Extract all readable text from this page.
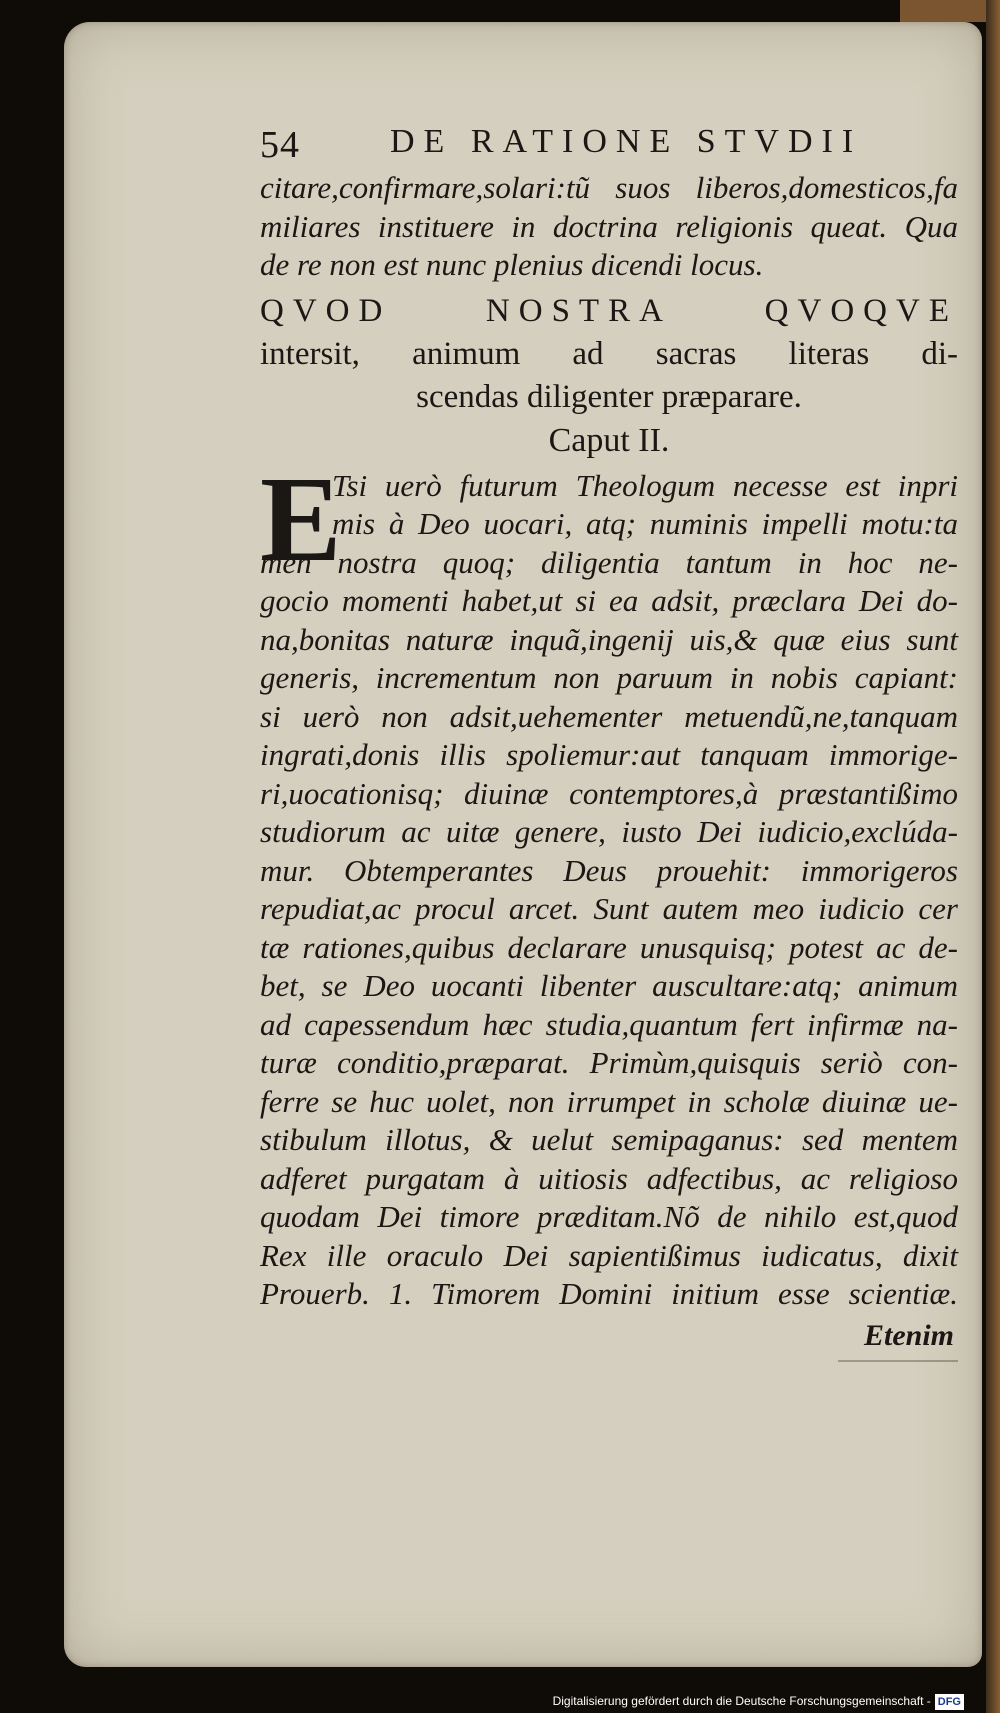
54	DE RATIONE STVDII
citare,confirmare,solari:tũ suos liberos,domesticos,fa
miliares instituere in doctrina religionis queat. Qua
de re non est nunc plenius dicendi locus.
QVOD NOSTRA QVOQVE
intersit, animum ad sacras literas di-
scendas diligenter præparare.
Caput II.
E
Tsi uerò futurum Theologum necesse est inpri
mis à Deo uocari, atq; numinis impelli motu:ta
men nostra quoq; diligentia tantum in hoc ne-
gocio momenti habet,ut si ea adsit, præclara Dei do-
na,bonitas naturæ inquã,ingenij uis,& quæ eius sunt
generis, incrementum non paruum in nobis capiant:
si uerò non adsit,uehementer metuendũ,ne,tanquam
ingrati,donis illis spoliemur:aut tanquam immorige-
ri,uocationisq; diuinæ contemptores,à præstantißimo
studiorum ac uitæ genere, iusto Dei iudicio,exclúda-
mur. Obtemperantes Deus prouehit: immorigeros
repudiat,ac procul arcet. Sunt autem meo iudicio cer
tæ rationes,quibus declarare unusquisq; potest ac de-
bet, se Deo uocanti libenter auscultare:atq; animum
ad capessendum hæc studia,quantum fert infirmæ na-
turæ conditio,præparat. Primùm,quisquis seriò con-
ferre se huc uolet, non irrumpet in scholæ diuinæ ue-
stibulum illotus, & uelut semipaganus: sed mentem
adferet purgatam à uitiosis adfectibus, ac religioso
quodam Dei timore præditam.Nõ de nihilo est,quod
Rex ille oraculo Dei sapientißimus iudicatus, dixit
Prouerb. 1. Timorem Domini initium esse scientiæ.
Etenim
Digitalisierung gefördert durch die Deutsche Forschungsgemeinschaft - DFG
